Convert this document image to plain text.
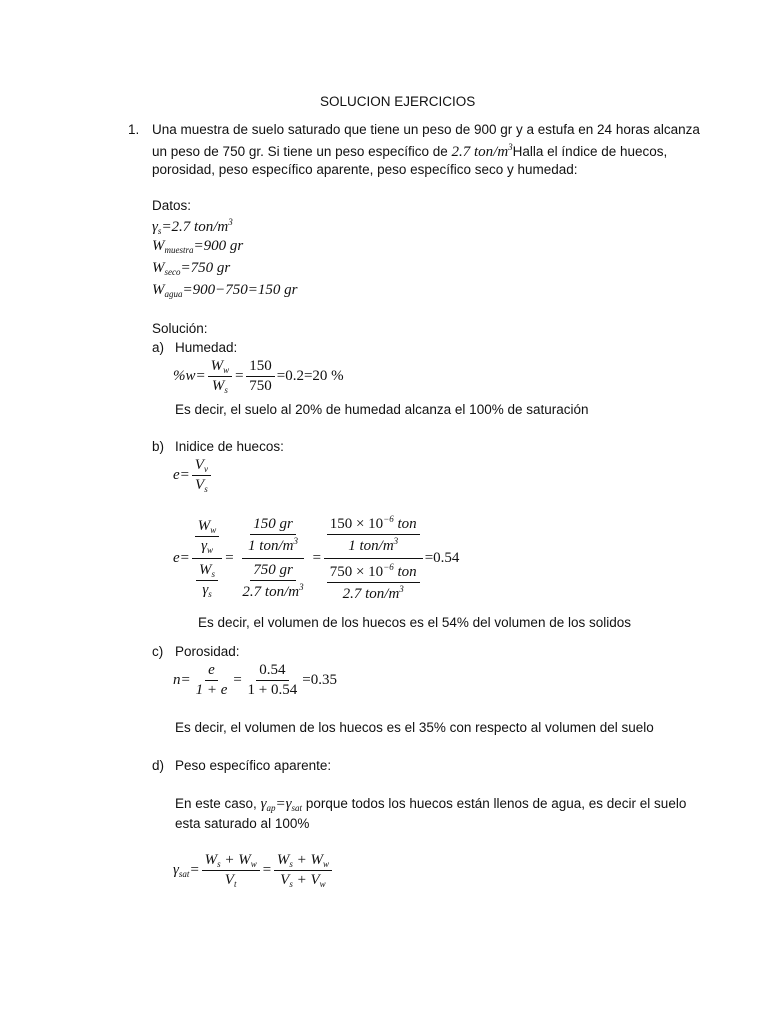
SOLUCION EJERCICIOS
1. Una muestra de suelo saturado que tiene un peso de 900 gr y a estufa en 24 horas alcanza
un peso de 750 gr. Si tiene un peso específico de 2.7 ton/$m^3Halla$ el índice de huecos,
porosidad, peso específico aparente, peso específico seco y humedad:
Datos:
$\gamma_s=2.7$ ton/$m^3$
$W_{muestra}=900$ gr
$W_{seco}=750$ gr
$W_{agua}=900-750=150$ gr
Solución:
a) Humedad:
$\%w= \frac{W_w}{W_s} = \frac{150}{750} =0.2=20$ %
Es decir, el suelo al 20% de humedad alcanza el 100% de saturación
b) Inidice de huecos:
$e= \frac{V_v}{V_s}$
$e= \frac{\frac{W_w}{\gamma_w}}{\frac{W_s}{\gamma_s}} = \frac{\frac{150 gr}{1 ton/m^3}}{\frac{750 gr}{2.7 ton/m^3}} = \frac{\frac{150 \times 10^{-6} ton}{1 ton/m^3}}{\frac{750 \times 10^{-6} ton}{2.7 ton/m^3}} =0.54$
Es decir, el volumen de los huecos es el 54% del volumen de los solidos
c) Porosidad:
$n= \frac{e}{1 + e} = \frac{0.54}{1 + 0.54} =0.35$
Es decir, el volumen de los huecos es el 35% con respecto al volumen del suelo
d) Peso específico aparente:
En este caso, $\gamma_{ap}=\gamma_{sat}$ porque todos los huecos están llenos de agua, es decir el suelo
esta saturado al 100%
$\gamma_{sat}= \frac{W_s + W_w}{V_t} = \frac{W_s + W_w}{V_s + V_w}$
